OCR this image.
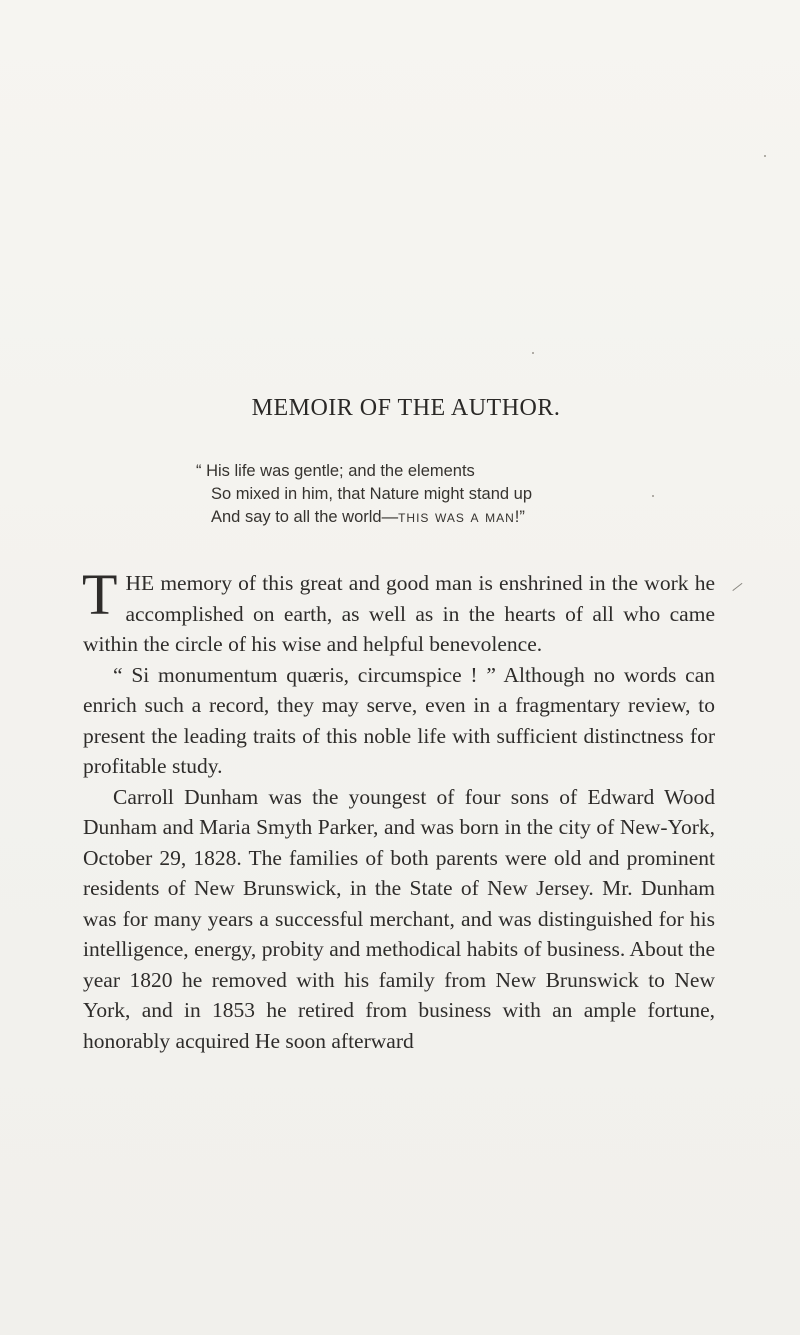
MEMOIR OF THE AUTHOR.
“ His life was gentle; and the elements
So mixed in him, that Nature might stand up
And say to all the world—this was a man!”

THE memory of this great and good man is enshrined in the work he accomplished on earth, as well as in the hearts of all who came within the circle of his wise and helpful benevolence.

“ Si monumentum quæris, circumspice ! ” Although no words can enrich such a record, they may serve, even in a fragmentary review, to present the leading traits of this noble life with sufficient distinctness for profitable study.

Carroll Dunham was the youngest of four sons of Edward Wood Dunham and Maria Smyth Parker, and was born in the city of New-York, October 29, 1828. The families of both parents were old and prominent residents of New Brunswick, in the State of New Jersey. Mr. Dunham was for many years a successful merchant, and was distinguished for his intelligence, energy, probity and methodical habits of business. About the year 1820 he removed with his family from New Brunswick to New York, and in 1853 he retired from business with an ample fortune, honorably acquired He soon afterward
